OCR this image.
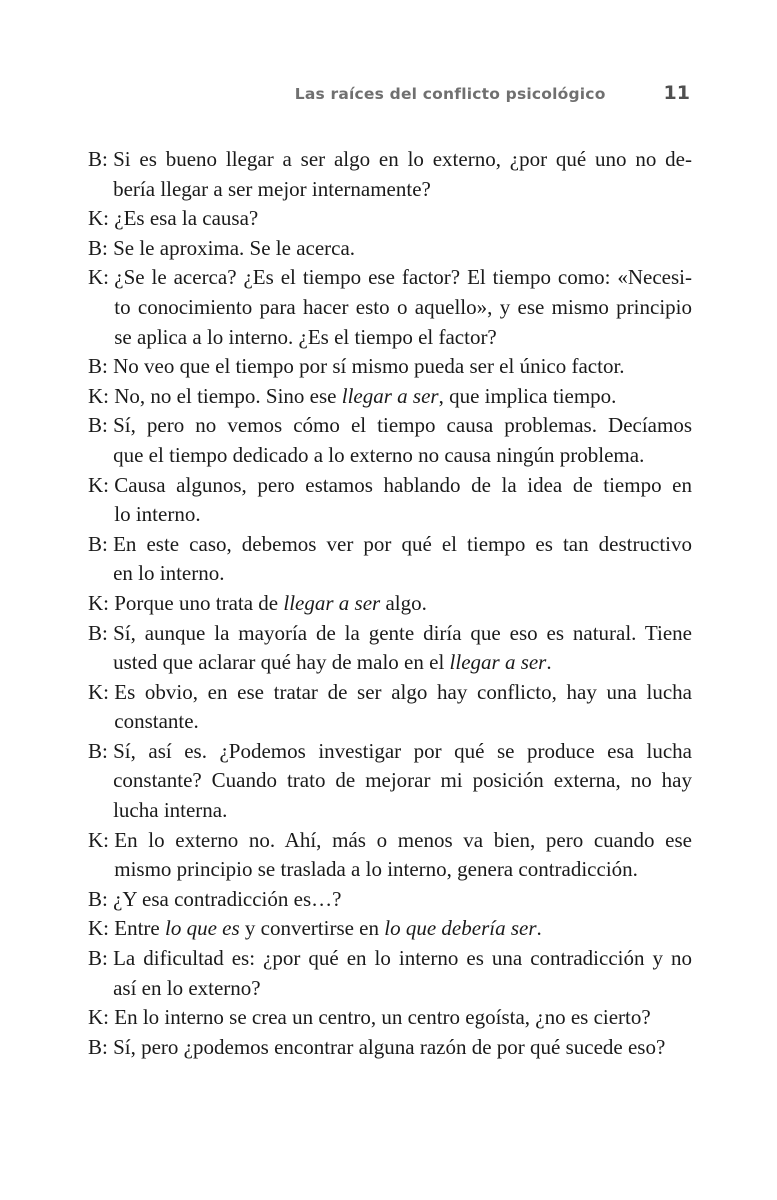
Las raíces del conflicto psicológico	11
B: Si es bueno llegar a ser algo en lo externo, ¿por qué uno no de-
bería llegar a ser mejor internamente?
K: ¿Es esa la causa?
B: Se le aproxima. Se le acerca.
K: ¿Se le acerca? ¿Es el tiempo ese factor? El tiempo como: «Necesi-
to conocimiento para hacer esto o aquello», y ese mismo principio
se aplica a lo interno. ¿Es el tiempo el factor?
B: No veo que el tiempo por sí mismo pueda ser el único factor.
K: No, no el tiempo. Sino ese llegar a ser, que implica tiempo.
B: Sí, pero no vemos cómo el tiempo causa problemas. Decíamos
que el tiempo dedicado a lo externo no causa ningún problema.
K: Causa algunos, pero estamos hablando de la idea de tiempo en
lo interno.
B: En este caso, debemos ver por qué el tiempo es tan destructivo
en lo interno.
K: Porque uno trata de llegar a ser algo.
B: Sí, aunque la mayoría de la gente diría que eso es natural. Tiene
usted que aclarar qué hay de malo en el llegar a ser.
K: Es obvio, en ese tratar de ser algo hay conflicto, hay una lucha
constante.
B: Sí, así es. ¿Podemos investigar por qué se produce esa lucha
constante? Cuando trato de mejorar mi posición externa, no hay
lucha interna.
K: En lo externo no. Ahí, más o menos va bien, pero cuando ese
mismo principio se traslada a lo interno, genera contradicción.
B: ¿Y esa contradicción es…?
K: Entre lo que es y convertirse en lo que debería ser.
B: La dificultad es: ¿por qué en lo interno es una contradicción y no
así en lo externo?
K: En lo interno se crea un centro, un centro egoísta, ¿no es cierto?
B: Sí, pero ¿podemos encontrar alguna razón de por qué sucede eso?
